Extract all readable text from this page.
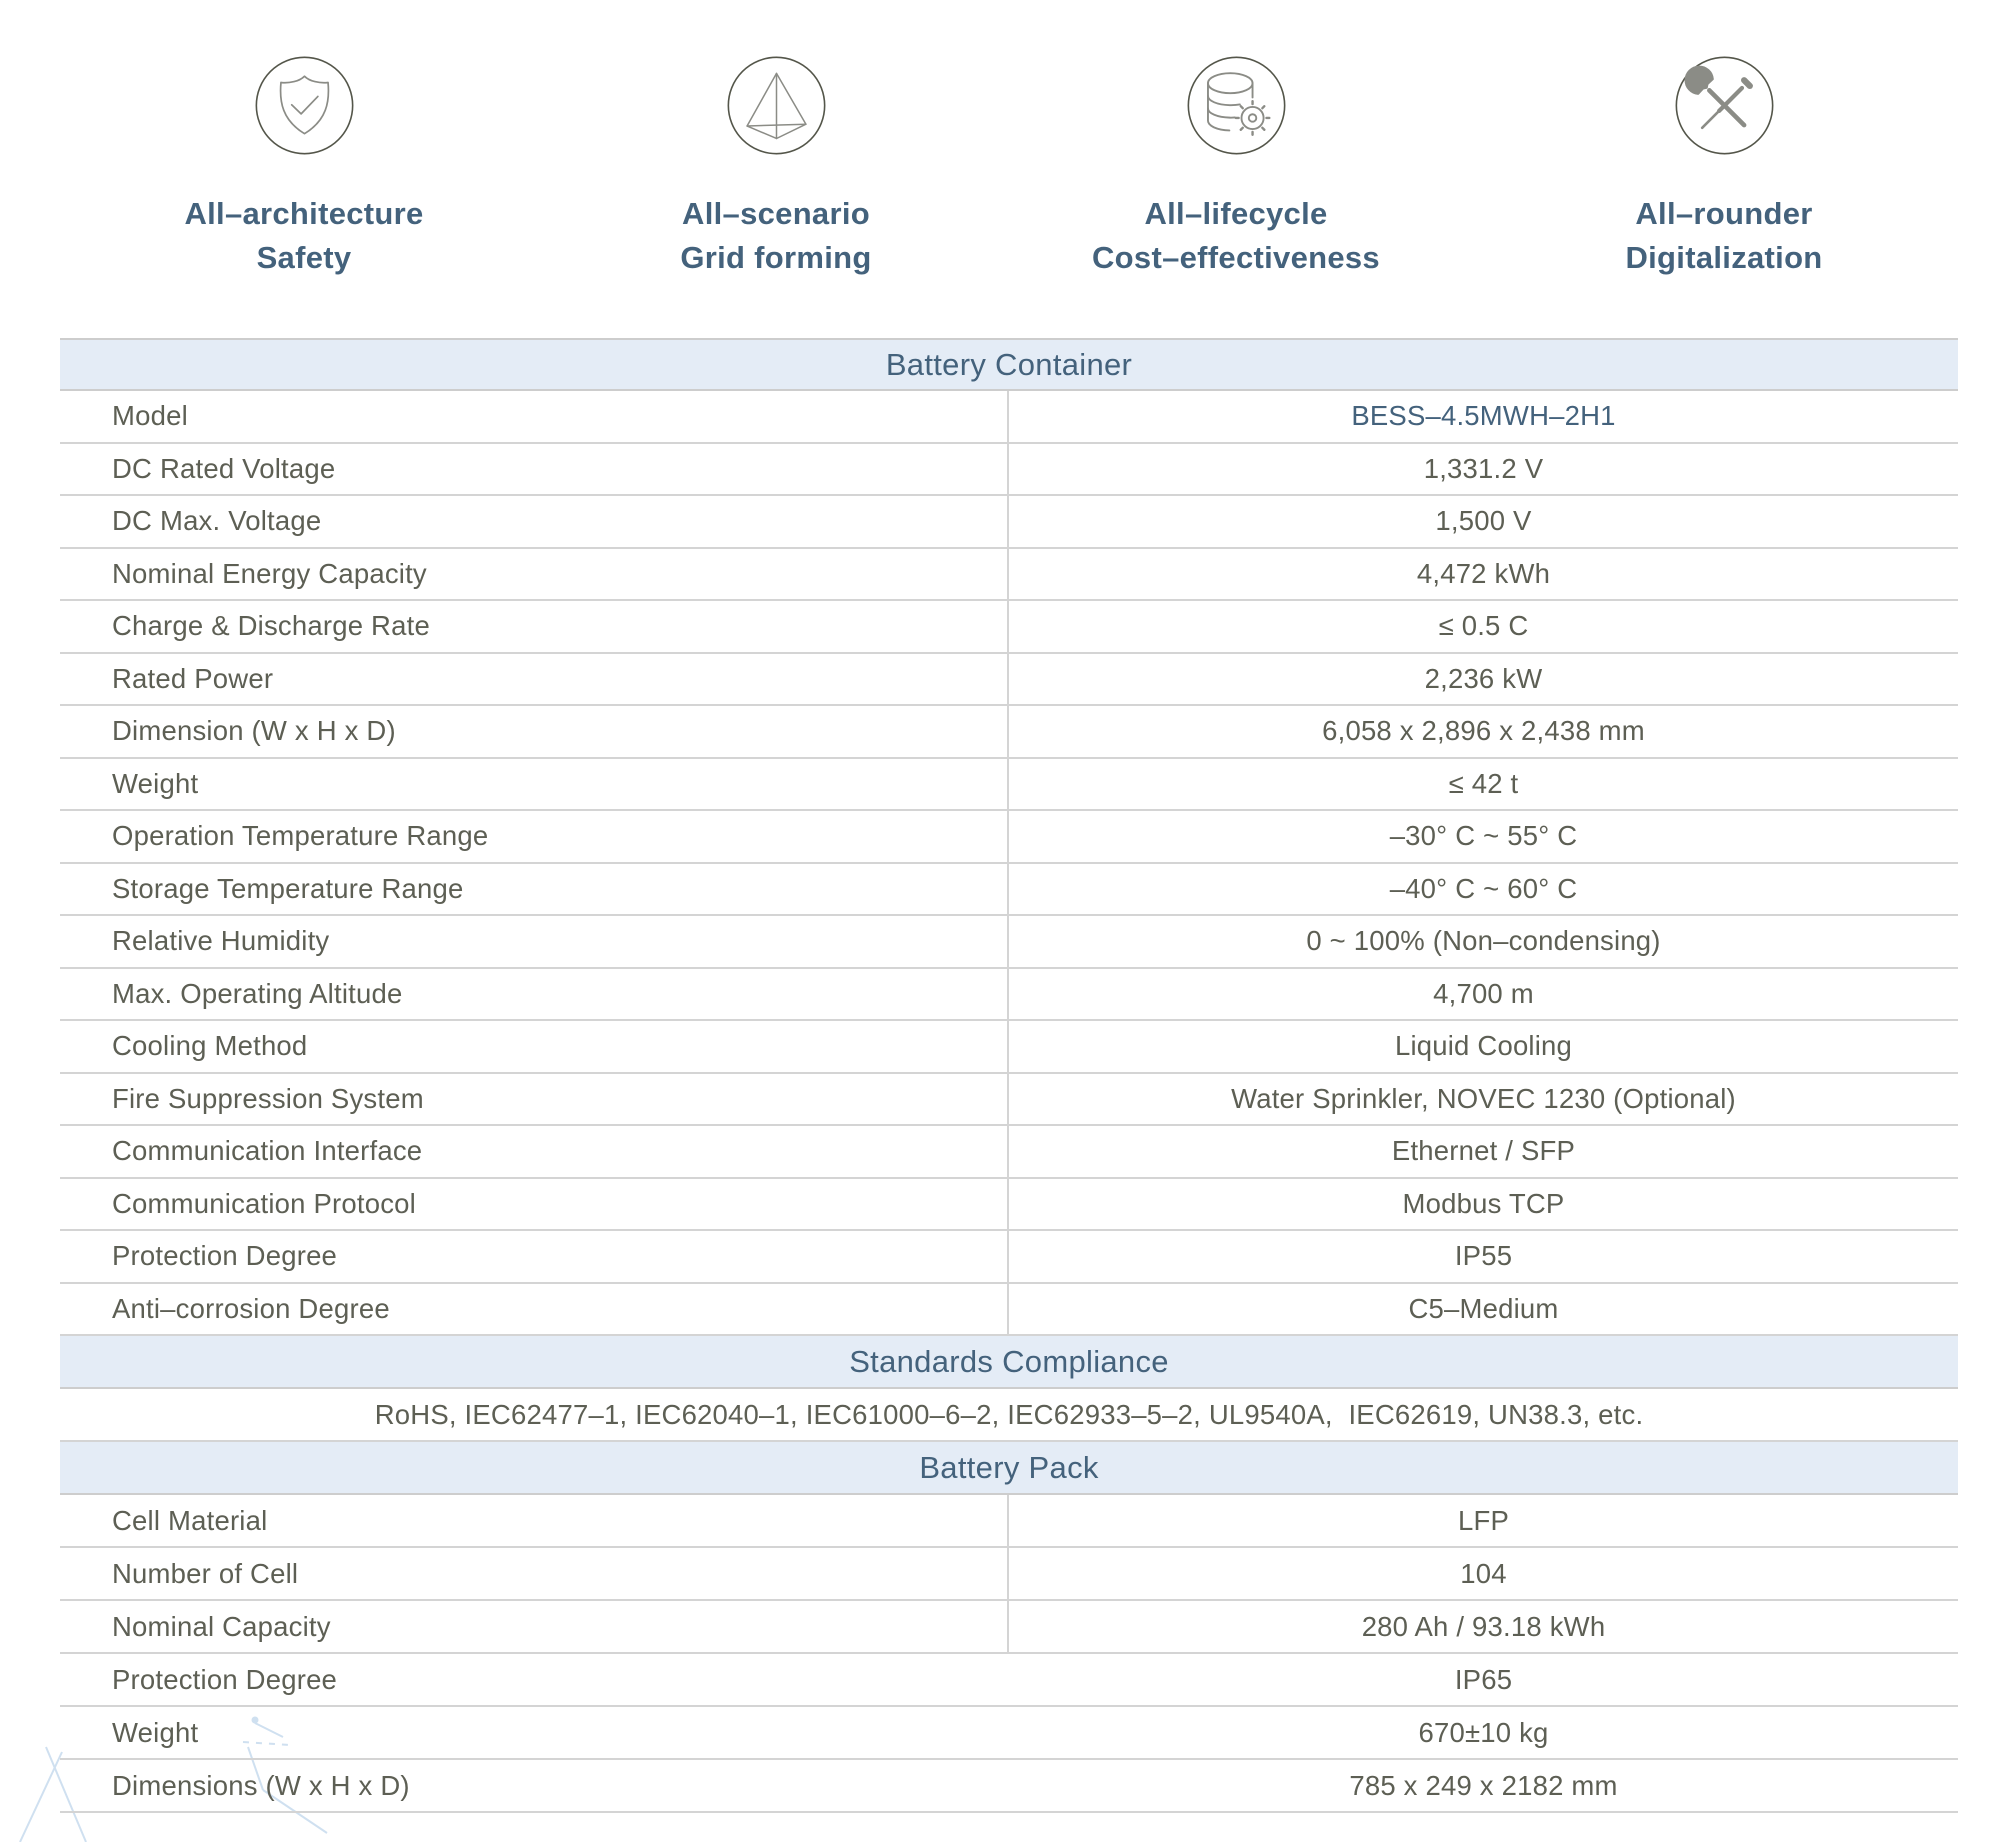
All–architecture
Safety
All–scenario
Grid forming
All–lifecycle
Cost–effectiveness
All–rounder
Digitalization
Battery Container
Model	BESS–4.5MWH–2H1
DC Rated Voltage	1,331.2 V
DC Max. Voltage	1,500 V
Nominal Energy Capacity	4,472 kWh
Charge & Discharge Rate	≤ 0.5 C
Rated Power	2,236 kW
Dimension (W x H x D)	6,058 x 2,896 x 2,438 mm
Weight	≤ 42 t
Operation Temperature Range	–30° C ~ 55° C
Storage Temperature Range	–40° C ~ 60° C
Relative Humidity	0 ~ 100% (Non–condensing)
Max. Operating Altitude	4,700 m
Cooling Method	Liquid Cooling
Fire Suppression System	Water Sprinkler, NOVEC 1230 (Optional)
Communication Interface	Ethernet / SFP
Communication Protocol	Modbus TCP
Protection Degree	IP55
Anti–corrosion Degree	C5–Medium
Standards Compliance
RoHS, IEC62477–1, IEC62040–1, IEC61000–6–2, IEC62933–5–2, UL9540A,  IEC62619, UN38.3, etc.
Battery Pack
Cell Material	LFP
Number of Cell	104
Nominal Capacity	280 Ah / 93.18 kWh
Protection Degree	IP65
Weight	670±10 kg
Dimensions (W x H x D)	785 x 249 x 2182 mm
